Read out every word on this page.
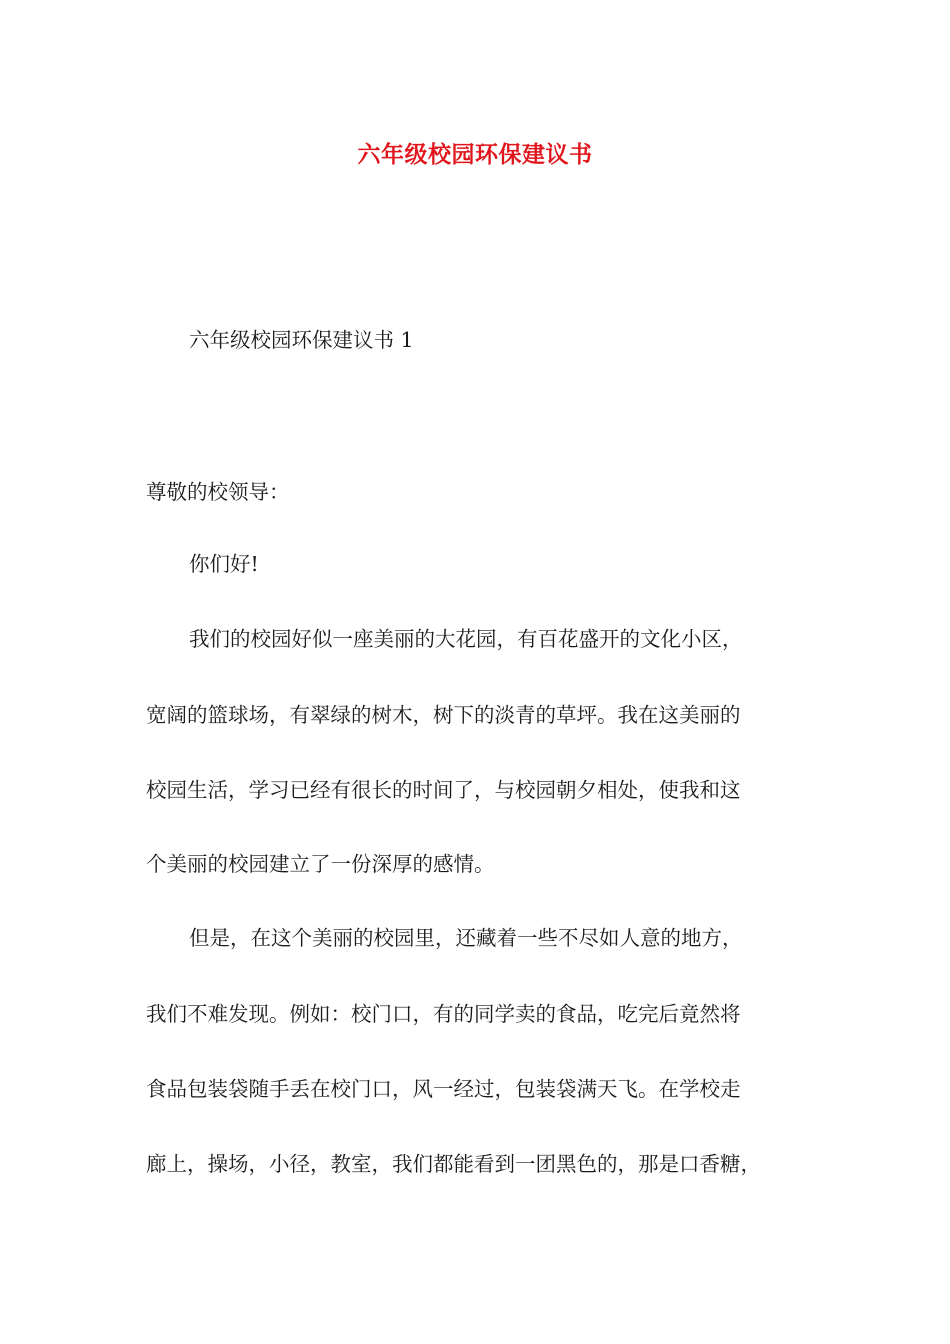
六年级校园环保建议书

六年级校园环保建议书 1

尊敬的校领导：

你们好!

我们的校园好似一座美丽的大花园，有百花盛开的文化小区，

宽阔的篮球场，有翠绿的树木，树下的淡青的草坪。我在这美丽的

校园生活，学习已经有很长的时间了，与校园朝夕相处，使我和这

个美丽的校园建立了一份深厚的感情。

但是，在这个美丽的校园里，还藏着一些不尽如人意的地方，

我们不难发现。例如：校门口，有的同学卖的食品，吃完后竟然将

食品包装袋随手丢在校门口，风一经过，包装袋满天飞。在学校走

廊上，操场，小径，教室，我们都能看到一团黑色的，那是口香糖，
